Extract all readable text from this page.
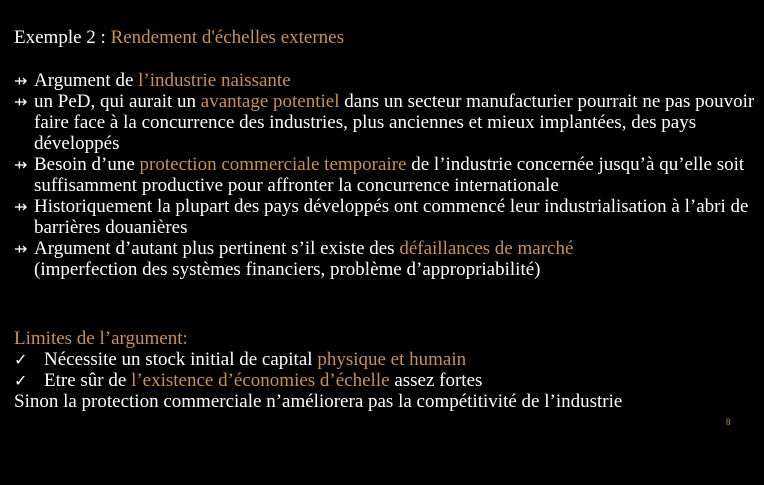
Exemple 2 : Rendement d'échelles externes
⇸ Argument de l’industrie naissante
⇸ un PeD, qui aurait un avantage potentiel dans un secteur manufacturier pourrait ne pas pouvoir faire face à la concurrence des industries, plus anciennes et mieux implantées, des pays développés
⇸ Besoin d’une protection commerciale temporaire de l’industrie concernée jusqu’à qu’elle soit suffisamment productive pour affronter la concurrence internationale
⇸ Historiquement la plupart des pays développés ont commencé leur industrialisation à l’abri de barrières douanières
⇸ Argument d’autant plus pertinent s’il existe des défaillances de marché
(imperfection des systèmes financiers, problème d’appropriabilité)
Limites de l’argument:
✓ Nécessite un stock initial de capital physique et humain
✓ Etre sûr de l’existence d’économies d’échelle assez fortes
Sinon la protection commerciale n’améliorera pas la compétitivité de l’industrie
8
